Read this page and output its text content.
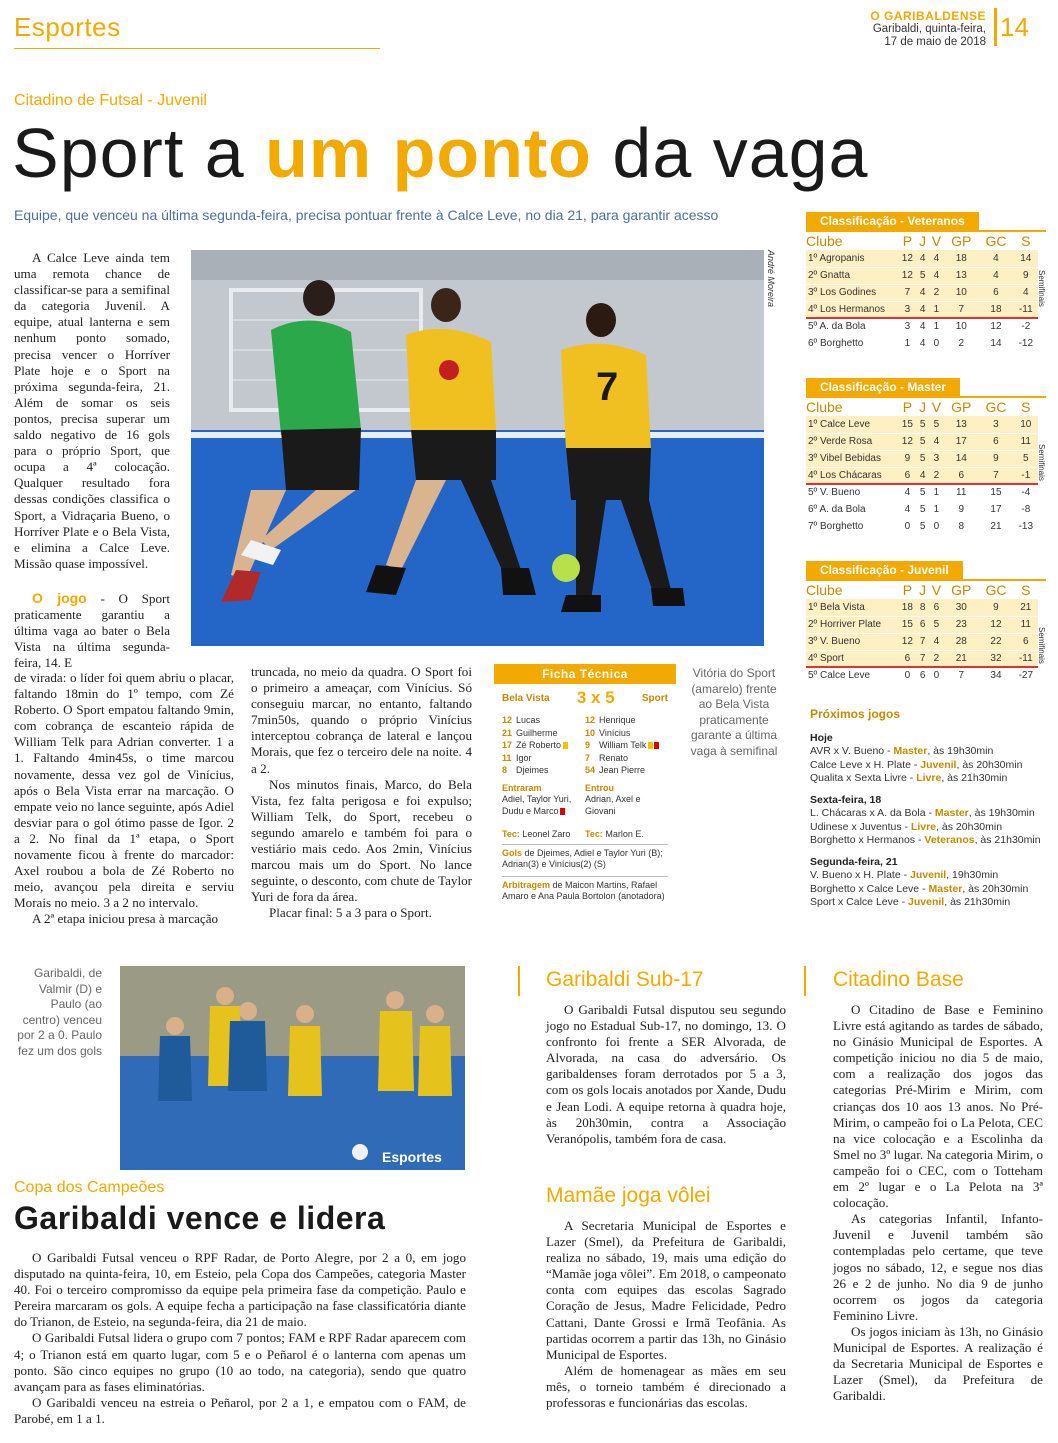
Esportes	O GARIBALDENSE
Garibaldi, quinta-feira,
17 de maio de 2018 14
Citadino de Futsal - Juvenil
Sport a um ponto da vaga
Equipe, que venceu na última segunda-feira, precisa pontuar frente à Calce Leve, no dia 21, para garantir acesso
7
André Moreira

A Calce Leve ainda tem uma remota chance de classificar-se para a semifinal da categoria Juvenil. A equipe, atual lanterna e sem nenhum ponto somado, precisa vencer o Horríver Plate hoje e o Sport na próxima segunda-feira, 21. Além de somar os seis pontos, precisa superar um saldo negativo de 16 gols para o próprio Sport, que ocupa a 4ª colocação. Qualquer resultado fora dessas condições classifica o Sport, a Vidraçaria Bueno, o Horríver Plate e o Bela Vista, e elimina a Calce Leve. Missão quase impossível.

O jogo - O Sport praticamente garantiu a última vaga ao bater o Bela Vista na última segunda-feira, 14. E

de virada: o líder foi quem abriu o placar, faltando 18min do 1º tempo, com Zé Roberto. O Sport empatou faltando 9min, com cobrança de escanteio rápida de William Telk para Adrian converter. 1 a 1. Faltando 4min45s, o time marcou novamente, dessa vez gol de Vinícius, após o Bela Vista errar na marcação. O empate veio no lance seguinte, após Adiel desviar para o gol ótimo passe de Igor. 2 a 2. No final da 1ª etapa, o Sport novamente ficou à frente do marcador: Axel roubou a bola de Zé Roberto no meio, avançou pela direita e serviu Morais no meio. 3 a 2 no intervalo.

A 2ª etapa iniciou presa à marcação

truncada, no meio da quadra. O Sport foi o primeiro a ameaçar, com Vinícius. Só conseguiu marcar, no entanto, faltando 7min50s, quando o próprio Vinícius interceptou cobrança de lateral e lançou Morais, que fez o terceiro dele na noite. 4 a 2.

Nos minutos finais, Marco, do Bela Vista, fez falta perigosa e foi expulso; William Telk, do Sport, recebeu o segundo amarelo e também foi para o vestiário mais cedo. Aos 2min, Vinícius marcou mais um do Sport. No lance seguinte, o desconto, com chute de Taylor Yuri de fora da área.

Placar final: 5 a 3 para o Sport.

Ficha Técnica
Bela Vista 3 x 5	Sport
12 Lucas
21 Guilherme
17 Zé Roberto
11 Igor
8 Djeimes
Entraram
Adiel, Taylor Yuri, Dudu e Marco
Tec: Leonel Zaro
12 Henrique
10 Vinícius
9 William Telk
7 Renato
54 Jean Pierre
Entrou
Adrian, Axel e Giovani
Tec: Marlon E.
Gols de Djeimes, Adiel e Taylor Yuri (B); Adrian(3) e Vinícius(2) (S)
Arbitragem de Maicon Martins, Rafael Amaro e Ana Paula Bortolon (anotadora)
Vitória do Sport (amarelo) frente ao Bela Vista praticamente garante a última vaga à semifinal
Classificação - Veteranos
Clube	P	J	V	GP	GC	S
1º Agropanis	12	4	4	18	4	14
2º Gnatta	12	5	4	13	4	9
3º Los Godines	7	4	2	10	6	4
4º Los Hermanos	3	4	1	7	18	-11
5º A. da Bola	3	4	1	10	12	-2
6º Borghetto	1	4	0	2	14	-12
Semifinais
Classificação - Master
Clube	P	J	V	GP	GC	S
1º Calce Leve	15	5	5	13	3	10
2º Verde Rosa	12	5	4	17	6	11
3º Vibel Bebidas	9	5	3	14	9	5
4º Los Chácaras	6	4	2	6	7	-1
5º V. Bueno	4	5	1	11	15	-4
6º A. da Bola	4	5	1	9	17	-8
7º Borghetto	0	5	0	8	21	-13
Semifinais
Classificação - Juvenil
Clube	P	J	V	GP	GC	S
1º Bela Vista	18	8	6	30	9	21
2º Horriver Plate	15	6	5	23	12	11
3º V. Bueno	12	7	4	28	22	6
4º Sport	6	7	2	21	32	-11
5º Calce Leve	0	6	0	7	34	-27
Semifinais
Próximos jogos
Hoje
AVR x V. Bueno - Master, às 19h30min
Calce Leve x H. Plate - Juvenil, às 20h30min
Qualita x Sexta Livre - Livre, às 21h30min
Sexta-feira, 18
L. Chácaras x A. da Bola - Master, às 19h30min
Udinese x Juventus - Livre, às 20h30min
Borghetto x Hermanos - Veteranos, às 21h30min
Segunda-feira, 21
V. Bueno x H. Plate - Juvenil, 19h30min
Borghetto x Calce Leve - Master, às 20h30min
Sport x Calce Leve - Juvenil, às 21h30min
Garibaldi, de Valmir (D) e Paulo (ao centro) venceu por 2 a 0. Paulo fez um dos gols
Esportes
Copa dos Campeões
Garibaldi vence e lidera

O Garibaldi Futsal venceu o RPF Radar, de Porto Alegre, por 2 a 0, em jogo disputado na quinta-feira, 10, em Esteio, pela Copa dos Campeões, categoria Master 40. Foi o terceiro compromisso da equipe pela primeira fase da competição. Paulo e Pereira marcaram os gols. A equipe fecha a participação na fase classificatória diante do Trianon, de Esteio, na segunda-feira, dia 21 de maio.

O Garibaldi Futsal lidera o grupo com 7 pontos; FAM e RPF Radar aparecem com 4; o Trianon está em quarto lugar, com 5 e o Peñarol é o lanterna com apenas um ponto. São cinco equipes no grupo (10 ao todo, na categoria), sendo que quatro avançam para as fases eliminatórias.

O Garibaldi venceu na estreia o Peñarol, por 2 a 1, e empatou com o FAM, de Parobé, em 1 a 1.

Garibaldi Sub-17

O Garibaldi Futsal disputou seu segundo jogo no Estadual Sub-17, no domingo, 13. O confronto foi frente a SER Alvorada, de Alvorada, na casa do adversário. Os garibaldenses foram derrotados por 5 a 3, com os gols locais anotados por Xande, Dudu e Jean Lodi. A equipe retorna à quadra hoje, às 20h30min, contra a Associação Veranópolis, também fora de casa.

Mamãe joga vôlei

A Secretaria Municipal de Esportes e Lazer (Smel), da Prefeitura de Garibaldi, realiza no sábado, 19, mais uma edição do “Mamãe joga vôlei”. Em 2018, o campeonato conta com equipes das escolas Sagrado Coração de Jesus, Madre Felicidade, Pedro Cattani, Dante Grossi e Irmã Teofânia. As partidas ocorrem a partir das 13h, no Ginásio Municipal de Esportes.

Além de homenagear as mães em seu mês, o torneio também é direcionado a professoras e funcionárias das escolas.

Citadino Base

O Citadino de Base e Feminino Livre está agitando as tardes de sábado, no Ginásio Municipal de Esportes. A competição iniciou no dia 5 de maio, com a realização dos jogos das categorias Pré-Mirim e Mirim, com crianças dos 10 aos 13 anos. No Pré-Mirim, o campeão foi o La Pelota, CEC na vice colocação e a Escolinha da Smel no 3º lugar. Na categoria Mirim, o campeão foi o CEC, com o Totteham em 2º lugar e o La Pelota na 3ª colocação.

As categorias Infantil, Infanto-Juvenil e Juvenil também são contempladas pelo certame, que teve jogos no sábado, 12, e segue nos dias 26 e 2 de junho. No dia 9 de junho ocorrem os jogos da categoria Feminino Livre.

Os jogos iniciam às 13h, no Ginásio Municipal de Esportes. A realização é da Secretaria Municipal de Esportes e Lazer (Smel), da Prefeitura de Garibaldi.
